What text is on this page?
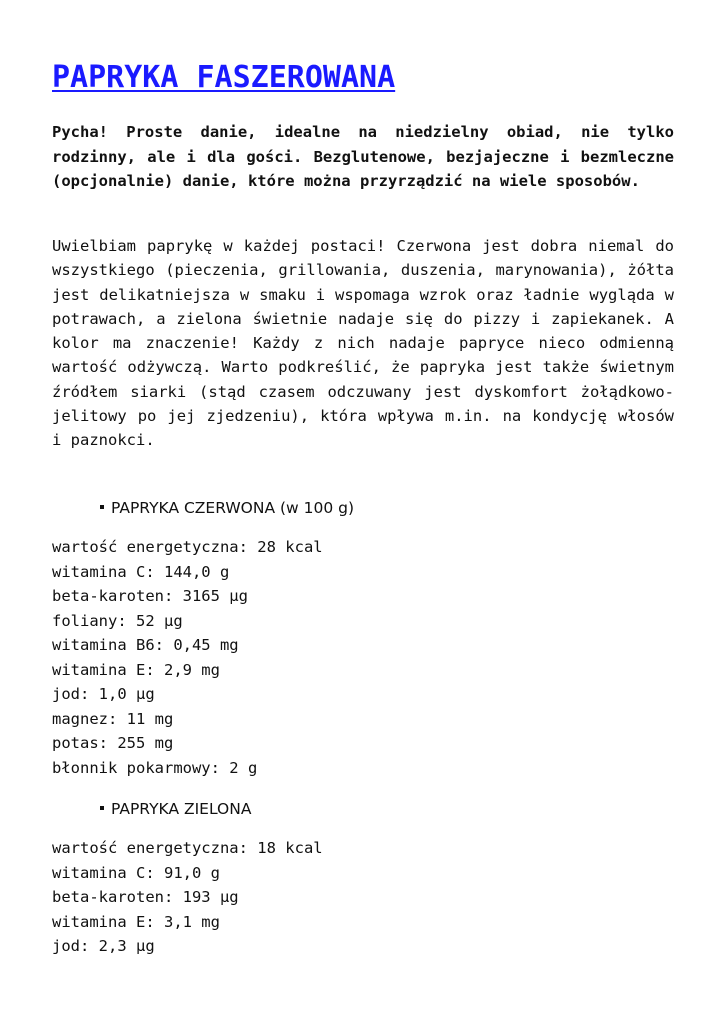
PAPRYKA FASZEROWANA

Pycha! Proste danie, idealne na niedzielny obiad, nie tylko rodzinny, ale i dla gości. Bezglutenowe, bezjajeczne i bezmleczne (opcjonalnie) danie, które można przyrządzić na wiele sposobów.

Uwielbiam paprykę w każdej postaci! Czerwona jest dobra niemal do wszystkiego (pieczenia, grillowania, duszenia, marynowania), żółta jest delikatniejsza w smaku i wspomaga wzrok oraz ładnie wygląda w potrawach, a zielona świetnie nadaje się do pizzy i zapiekanek. A kolor ma znaczenie! Każdy z nich nadaje papryce nieco odmienną wartość odżywczą. Warto podkreślić, że papryka jest także świetnym źródłem siarki (stąd czasem odczuwany jest dyskomfort żołądkowo-jelitowy po jej zjedzeniu), która wpływa m.in. na kondycję włosów i paznokci.

PAPRYKA CZERWONA (w 100 g)
wartość energetyczna: 28 kcal
witamina C: 144,0 g
beta-karoten: 3165 µg
foliany: 52 µg
witamina B6: 0,45 mg
witamina E: 2,9 mg
jod: 1,0 µg
magnez: 11 mg
potas: 255 mg
błonnik pokarmowy: 2 g
PAPRYKA ZIELONA
wartość energetyczna: 18 kcal
witamina C: 91,0 g
beta-karoten: 193 µg
witamina E: 3,1 mg
jod: 2,3 µg
